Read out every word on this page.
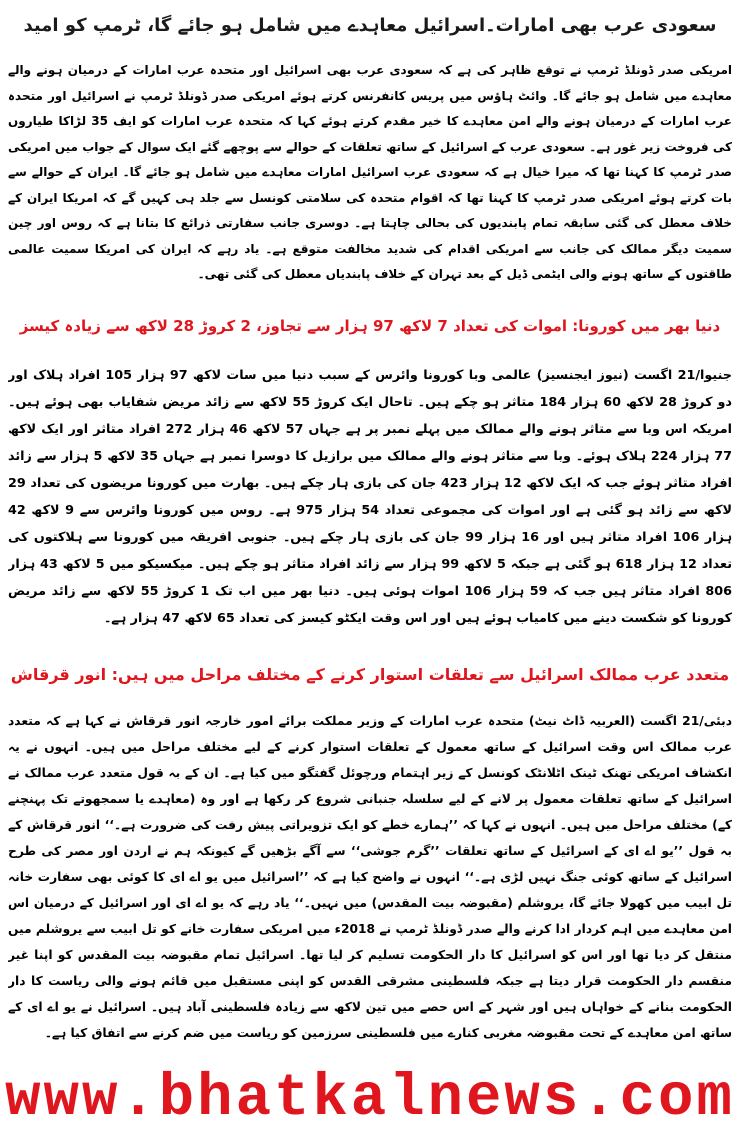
سعودی عرب بھی امارات۔اسرائیل معاہدے میں شامل ہو جائے گا، ٹرمپ کو امید

امریکی صدر ڈونلڈ ٹرمپ نے توقع ظاہر کی ہے کہ سعودی عرب بھی اسرائیل اور متحدہ عرب امارات کے درمیان ہونے والے معاہدے میں شامل ہو جائے گا۔ وائٹ ہاؤس میں پریس کانفرنس کرتے ہوئے امریکی صدر ڈونلڈ ٹرمپ نے اسرائیل اور متحدہ عرب امارات کے درمیان ہونے والے امن معاہدے کا خیر مقدم کرتے ہوئے کہا کہ متحدہ عرب امارات کو ایف 35 لڑاکا طیاروں کی فروخت زیر غور ہے۔ سعودی عرب کے اسرائیل کے ساتھ تعلقات کے حوالے سے پوچھے گئے ایک سوال کے جواب میں امریکی صدر ٹرمپ کا کہنا تھا کہ میرا خیال ہے کہ سعودی عرب اسرائیل امارات معاہدے میں شامل ہو جائے گا۔ ایران کے حوالے سے بات کرتے ہوئے امریکی صدر ٹرمپ کا کہنا تھا کہ اقوام متحدہ کی سلامتی کونسل سے جلد ہی کہیں گے کہ امریکا ایران کے خلاف معطل کی گئی سابقہ تمام پابندیوں کی بحالی چاہتا ہے۔ دوسری جانب سفارتی ذرائع کا بتانا ہے کہ روس اور چین سمیت دیگر ممالک کی جانب سے امریکی اقدام کی شدید مخالفت متوقع ہے۔ یاد رہے کہ ایران کی امریکا سمیت عالمی طاقتوں کے ساتھ ہونے والی ایٹمی ڈیل کے بعد تہران کے خلاف پابندیاں معطل کی گئی تھی۔

دنیا بھر میں کورونا: اموات کی تعداد 7 لاکھ 97 ہزار سے تجاوز، 2 کروڑ 28 لاکھ سے زیادہ کیسز

جنیوا/21 اگست (نیوز ایجنسیز) عالمی وبا کورونا وائرس کے سبب دنیا میں سات لاکھ 97 ہزار 105 افراد ہلاک اور دو کروڑ 28 لاکھ 60 ہزار 184 متاثر ہو چکے ہیں۔ تاحال ایک کروڑ 55 لاکھ سے زائد مریض شفایاب بھی ہوئے ہیں۔ امریکہ اس وبا سے متاثر ہونے والے ممالک میں پہلے نمبر پر ہے جہاں 57 لاکھ 46 ہزار 272 افراد متاثر اور ایک لاکھ 77 ہزار 224 ہلاک ہوئے۔ وبا سے متاثر ہونے والے ممالک میں برازیل کا دوسرا نمبر ہے جہاں 35 لاکھ 5 ہزار سے زائد افراد متاثر ہوئے جب کہ ایک لاکھ 12 ہزار 423 جان کی بازی ہار چکے ہیں۔ بھارت میں کورونا مریضوں کی تعداد 29 لاکھ سے زائد ہو گئی ہے اور اموات کی مجموعی تعداد 54 ہزار 975 ہے۔ روس میں کورونا وائرس سے 9 لاکھ 42 ہزار 106 افراد متاثر ہیں اور 16 ہزار 99 جان کی بازی ہار چکے ہیں۔ جنوبی افریقہ میں کورونا سے ہلاکتوں کی تعداد 12 ہزار 618 ہو گئی ہے جبکہ 5 لاکھ 99 ہزار سے زائد افراد متاثر ہو چکے ہیں۔ میکسیکو میں 5 لاکھ 43 ہزار 806 افراد متاثر ہیں جب کہ 59 ہزار 106 اموات ہوئی ہیں۔ دنیا بھر میں اب تک 1 کروڑ 55 لاکھ سے زائد مریض کورونا کو شکست دینے میں کامیاب ہوئے ہیں اور اس وقت ایکٹو کیسز کی تعداد 65 لاکھ 47 ہزار ہے۔

متعدد عرب ممالک اسرائیل سے تعلقات استوار کرنے کے مختلف مراحل میں ہیں: انور قرقاش

دبئی/21 اگست (العربیہ ڈاٹ نیٹ) متحدہ عرب امارات کے وزیر مملکت برائے امور خارجہ انور قرقاش نے کہا ہے کہ متعدد عرب ممالک اس وقت اسرائیل کے ساتھ معمول کے تعلقات استوار کرنے کے لیے مختلف مراحل میں ہیں۔ انہوں نے یہ انکشاف امریکی تھنک ٹینک اٹلانٹک کونسل کے زیر اہتمام ورچوئل گفتگو میں کیا ہے۔ ان کے بہ قول متعدد عرب ممالک نے اسرائیل کے ساتھ تعلقات معمول پر لانے کے لیے سلسلہ جنبانی شروع کر رکھا ہے اور وہ (معاہدے یا سمجھوتے تک پہنچنے کے) مختلف مراحل میں ہیں۔ انہوں نے کہا کہ ’’ہمارے خطے کو ایک تزویراتی پیش رفت کی ضرورت ہے۔‘‘ انور قرقاش کے بہ قول ’’یو اے ای کے اسرائیل کے ساتھ تعلقات ’’گرم جوشی‘‘ سے آگے بڑھیں گے کیونکہ ہم نے اردن اور مصر کی طرح اسرائیل کے ساتھ کوئی جنگ نہیں لڑی ہے۔‘‘ انہوں نے واضح کیا ہے کہ ’’اسرائیل میں یو اے ای کا کوئی بھی سفارت خانہ تل ابیب میں کھولا جائے گا، یروشلم (مقبوضہ بیت المقدس) میں نہیں۔‘‘ یاد رہے کہ یو اے ای اور اسرائیل کے درمیان اس امن معاہدے میں اہم کردار ادا کرنے والے صدر ڈونلڈ ٹرمپ نے 2018ء میں امریکی سفارت خانے کو تل ابیب سے یروشلم میں منتقل کر دیا تھا اور اس کو اسرائیل کا دار الحکومت تسلیم کر لیا تھا۔ اسرائیل تمام مقبوضہ بیت المقدس کو اپنا غیر منقسم دار الحکومت قرار دیتا ہے جبکہ فلسطینی مشرقی القدس کو اپنی مستقبل میں قائم ہونے والی ریاست کا دار الحکومت بنانے کے خواہاں ہیں اور شہر کے اس حصے میں تین لاکھ سے زیادہ فلسطینی آباد ہیں۔ اسرائیل نے یو اے ای کے ساتھ امن معاہدے کے تحت مقبوضہ مغربی کنارے میں فلسطینی سرزمین کو ریاست میں ضم کرنے سے اتفاق کیا ہے۔

www.bhatkalnews.com
